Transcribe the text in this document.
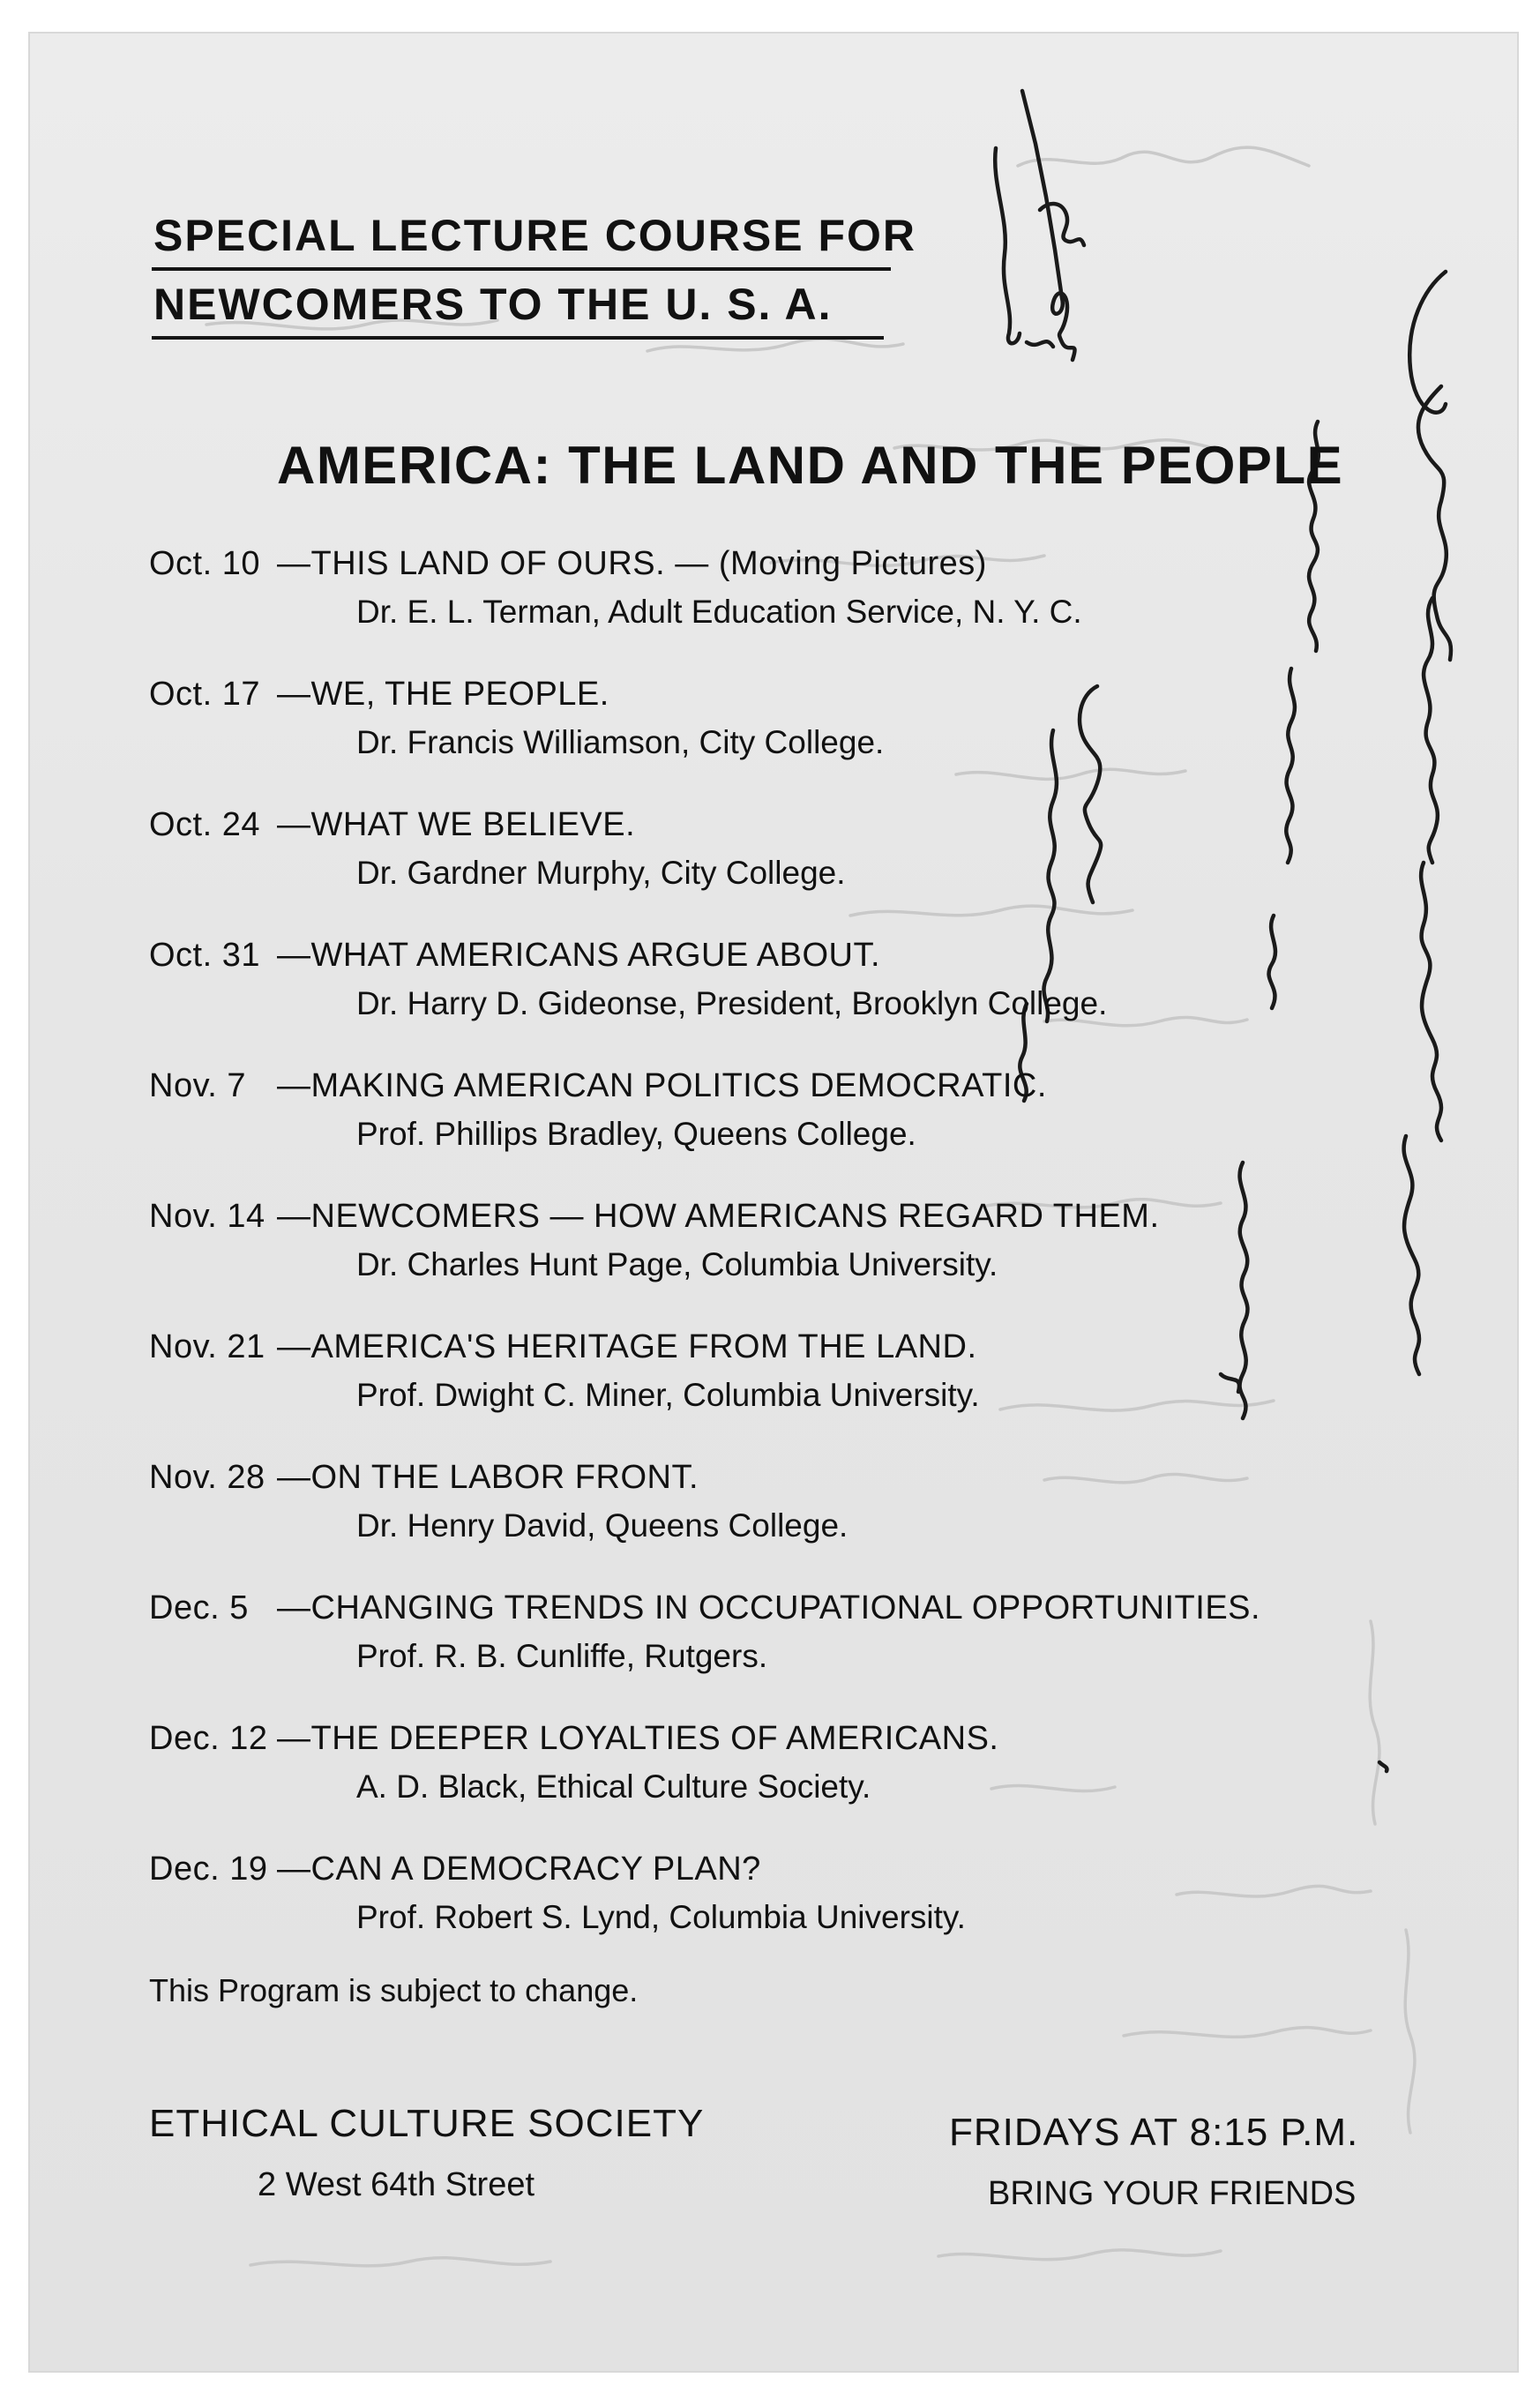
SPECIAL LECTURE COURSE FOR
NEWCOMERS TO THE U. S. A.
AMERICA: THE LAND AND THE PEOPLE
Oct. 10 —THIS LAND OF OURS. — (Moving Pictures)
Dr. E. L. Terman, Adult Education Service, N. Y. C.
Oct. 17 —WE, THE PEOPLE.
Dr. Francis Williamson, City College.
Oct. 24 —WHAT WE BELIEVE.
Dr. Gardner Murphy, City College.
Oct. 31 —WHAT AMERICANS ARGUE ABOUT.
Dr. Harry D. Gideonse, President, Brooklyn College.
Nov. 7 —MAKING AMERICAN POLITICS DEMOCRATIC.
Prof. Phillips Bradley, Queens College.
Nov. 14 —NEWCOMERS — HOW AMERICANS REGARD THEM.
Dr. Charles Hunt Page, Columbia University.
Nov. 21 —AMERICA'S HERITAGE FROM THE LAND.
Prof. Dwight C. Miner, Columbia University.
Nov. 28 —ON THE LABOR FRONT.
Dr. Henry David, Queens College.
Dec. 5 —CHANGING TRENDS IN OCCUPATIONAL OPPORTUNITIES.
Prof. R. B. Cunliffe, Rutgers.
Dec. 12 —THE DEEPER LOYALTIES OF AMERICANS.
A. D. Black, Ethical Culture Society.
Dec. 19 —CAN A DEMOCRACY PLAN?
Prof. Robert S. Lynd, Columbia University.
This Program is subject to change.
ETHICAL CULTURE SOCIETY
2 West 64th Street
FRIDAYS AT 8:15 P.M.
BRING YOUR FRIENDS
